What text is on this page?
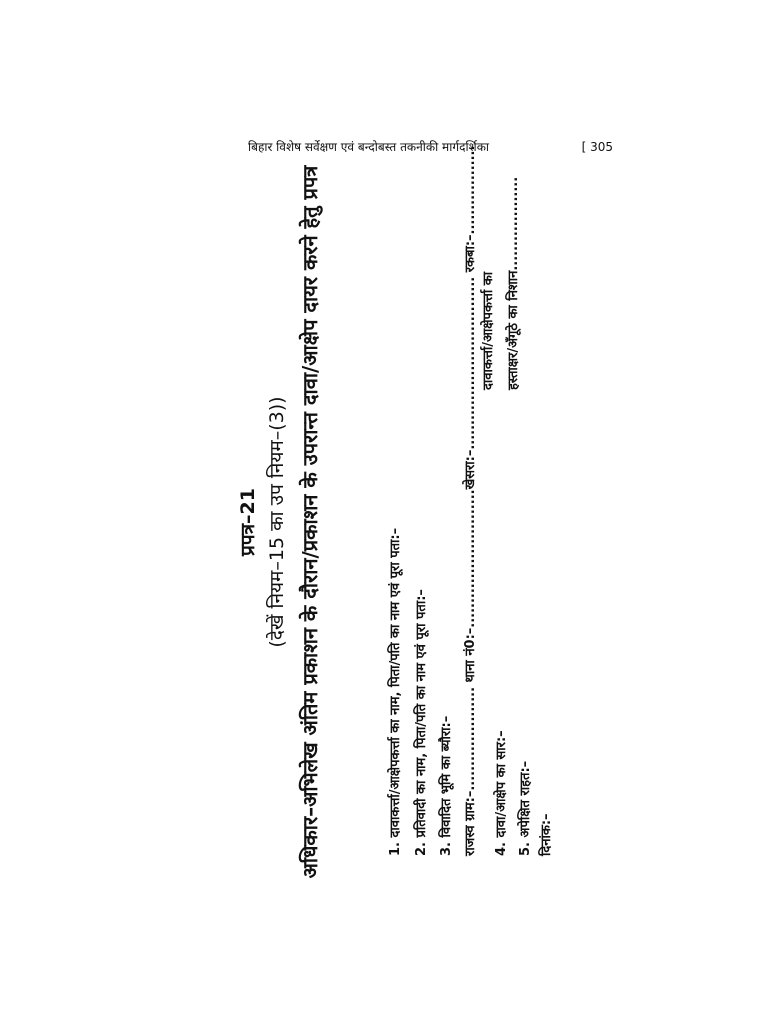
बिहार विशेष सर्वेक्षण एवं बन्दोबस्त तकनीकी मार्गदर्शिका	[ 305
प्रपत्र–21 (देखें नियम–15 का उप नियम–(3)) अधिकार–अभिलेख अंतिम प्रकाशन के दौरान/प्रकाशन के उपरान्त दावा/आक्षेप दायर करने हेतु प्रपत्र	1. दावाकर्त्ता/आक्षेपकर्त्ता का नाम, पिता/पति का नाम एवं पूरा पता:– 2. प्रतिवादी का नाम, पिता/पति का नाम एवं पूरा पता:– 3. विवादित भूमि का ब्यौरा:– राजस्व ग्राम:–..................... थाना नं0:–............................खेसरा:–................................... रकबा:–..................	4. दावा/आक्षेप का सार:– 5. अपेक्षित राहत:– दिनांक:–
दावाकर्त्ता/आक्षेपकर्त्ता का हस्ताक्षर/अँगूठे का निशान...................
